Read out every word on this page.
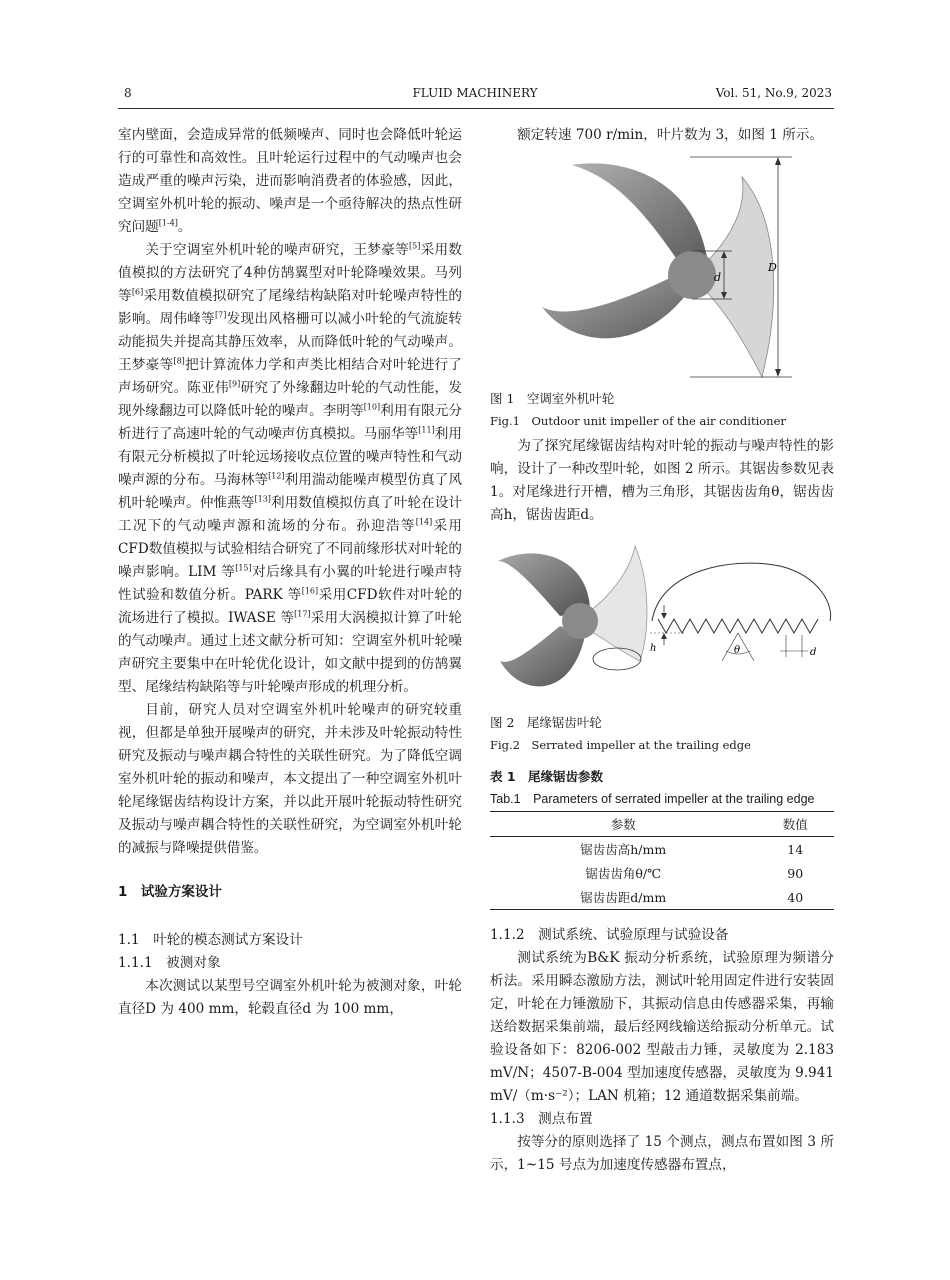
8	FLUID MACHINERY	Vol. 51, No.9, 2023

室内壁面，会造成异常的低频噪声、同时也会降低叶轮运行的可靠性和高效性。且叶轮运行过程中的气动噪声也会造成严重的噪声污染，进而影响消费者的体验感，因此，空调室外机叶轮的振动、噪声是一个亟待解决的热点性研究问题[1-4]。

关于空调室外机叶轮的噪声研究，王梦豪等[5]采用数值模拟的方法研究了4种仿鹄翼型对叶轮降噪效果。马列等[6]采用数值模拟研究了尾缘结构缺陷对叶轮噪声特性的影响。周伟峰等[7]发现出风格栅可以减小叶轮的气流旋转动能损失并提高其静压效率，从而降低叶轮的气动噪声。王梦豪等[8]把计算流体力学和声类比相结合对叶轮进行了声场研究。陈亚伟[9]研究了外缘翻边叶轮的气动性能，发现外缘翻边可以降低叶轮的噪声。李明等[10]利用有限元分析进行了高速叶轮的气动噪声仿真模拟。马丽华等[11]利用有限元分析模拟了叶轮远场接收点位置的噪声特性和气动噪声源的分布。马海林等[12]利用湍动能噪声模型仿真了风机叶轮噪声。仲惟燕等[13]利用数值模拟仿真了叶轮在设计工况下的气动噪声源和流场的分布。孙迎浩等[14]采用CFD数值模拟与试验相结合研究了不同前缘形状对叶轮的噪声影响。LIM 等[15]对后缘具有小翼的叶轮进行噪声特性试验和数值分析。PARK 等[16]采用CFD软件对叶轮的流场进行了模拟。IWASE 等[17]采用大涡模拟计算了叶轮的气动噪声。通过上述文献分析可知：空调室外机叶轮噪声研究主要集中在叶轮优化设计，如文献中提到的仿鹄翼型、尾缘结构缺陷等与叶轮噪声形成的机理分析。

目前，研究人员对空调室外机叶轮噪声的研究较重视，但都是单独开展噪声的研究，并未涉及叶轮振动特性研究及振动与噪声耦合特性的关联性研究。为了降低空调室外机叶轮的振动和噪声，本文提出了一种空调室外机叶轮尾缘锯齿结构设计方案，并以此开展叶轮振动特性研究及振动与噪声耦合特性的关联性研究，为空调室外机叶轮的减振与降噪提供借鉴。

1　试验方案设计
1.1　叶轮的模态测试方案设计
1.1.1　被测对象

本次测试以某型号空调室外机叶轮为被测对象，叶轮直径D 为 400 mm，轮毂直径d 为 100 mm，

额定转速 700 r/min，叶片数为 3，如图 1 所示。

d
D

图 1　空调室外机叶轮

Fig.1　Outdoor unit impeller of the air conditioner

为了探究尾缘锯齿结构对叶轮的振动与噪声特性的影响，设计了一种改型叶轮，如图 2 所示。其锯齿参数见表 1。对尾缘进行开槽，槽为三角形，其锯齿齿角θ，锯齿齿高h，锯齿齿距d。

h	θ	d

图 2　尾缘锯齿叶轮

Fig.2　Serrated impeller at the trailing edge

表 1　尾缘锯齿参数

Tab.1　Parameters of serrated impeller at the trailing edge

参数	数值
锯齿齿高h/mm	14
锯齿齿角θ/℃	90
锯齿齿距d/mm	40
1.1.2　测试系统、试验原理与试验设备

测试系统为B&K 振动分析系统，试验原理为频谱分析法。采用瞬态激励方法，测试叶轮用固定件进行安装固定，叶轮在力锤激励下，其振动信息由传感器采集，再输送给数据采集前端，最后经网线输送给振动分析单元。试验设备如下：8206-002 型敲击力锤，灵敏度为 2.183 mV/N；4507-B-004 型加速度传感器，灵敏度为 9.941 mV/（m·s⁻²）；LAN 机箱；12 通道数据采集前端。

1.1.3　测点布置

按等分的原则选择了 15 个测点，测点布置如图 3 所示，1~15 号点为加速度传感器布置点，
